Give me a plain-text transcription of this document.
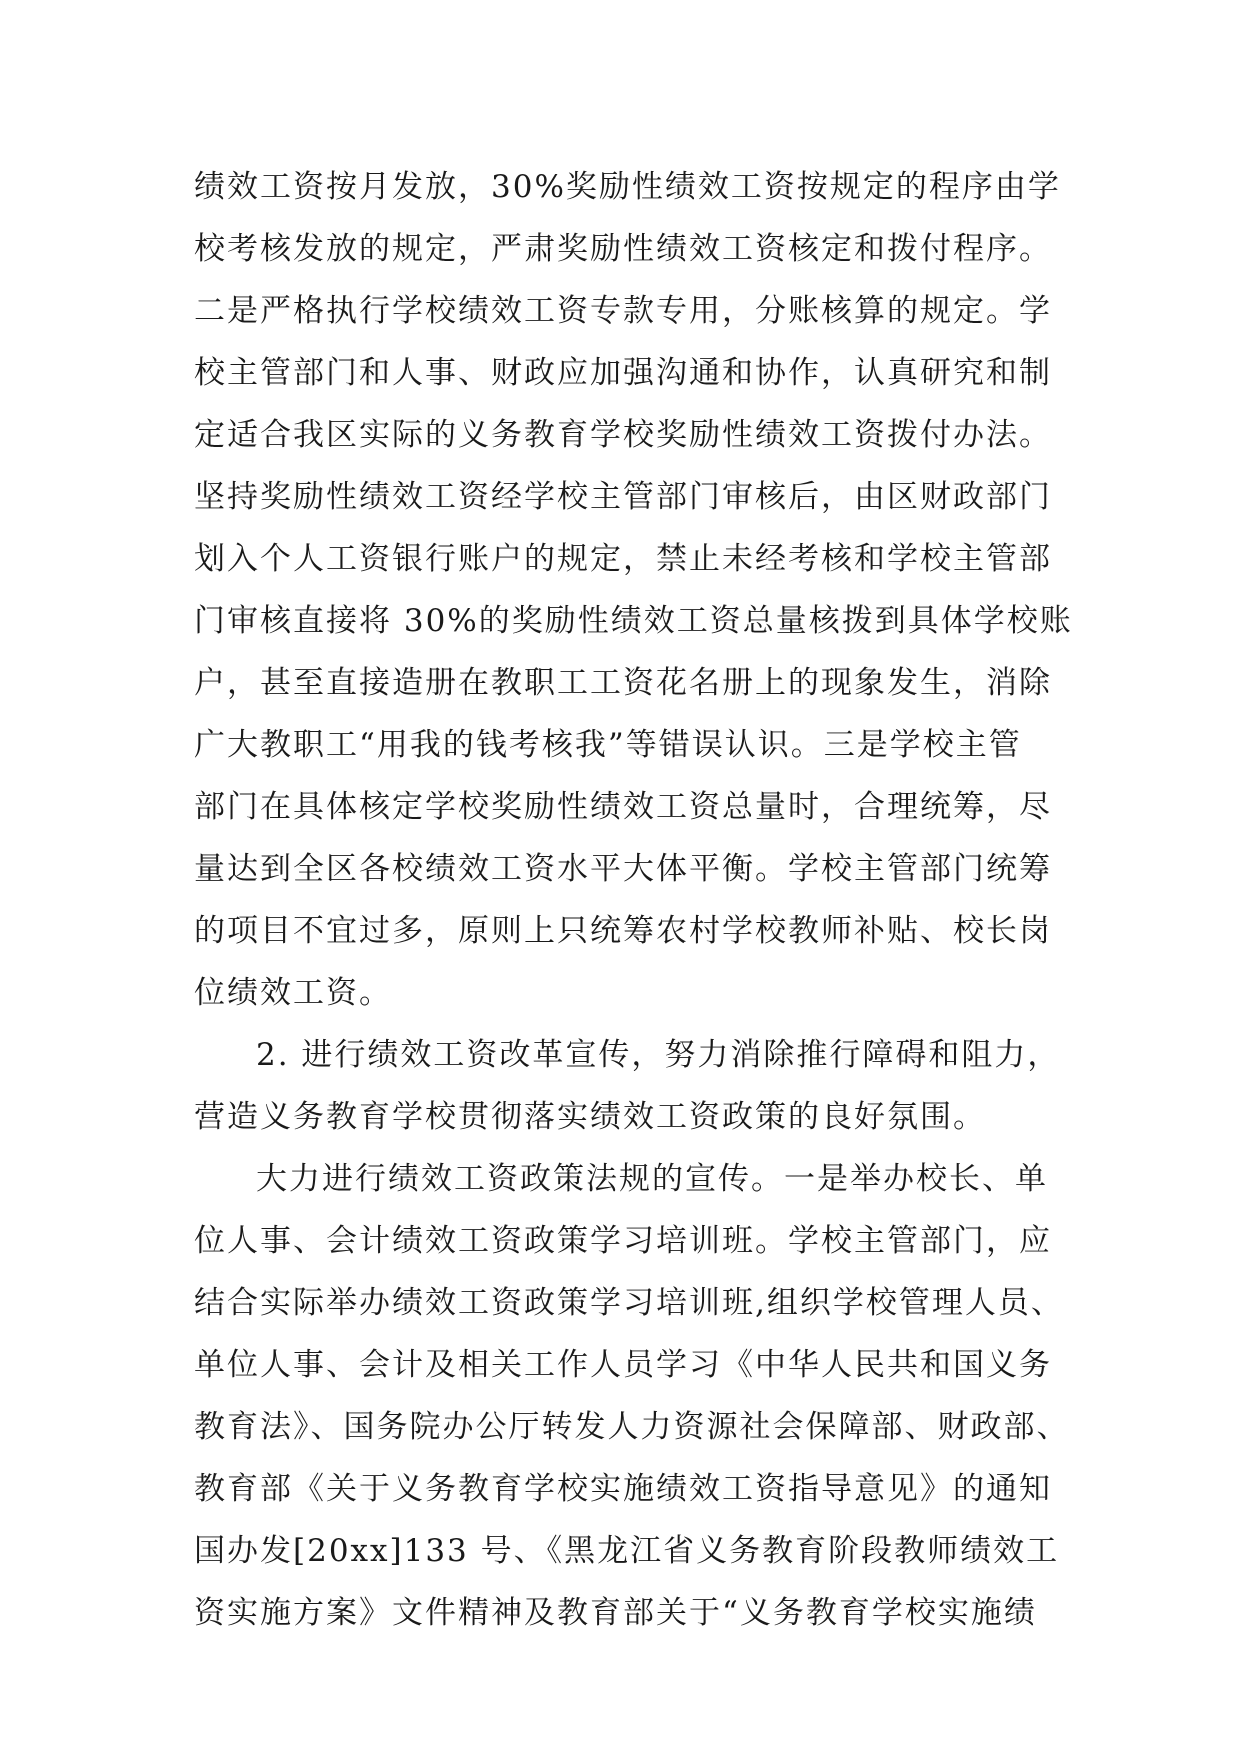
绩效工资按月发放，30%奖励性绩效工资按规定的程序由学
校考核发放的规定，严肃奖励性绩效工资核定和拨付程序。
二是严格执行学校绩效工资专款专用，分账核算的规定。学
校主管部门和人事、财政应加强沟通和协作，认真研究和制
定适合我区实际的义务教育学校奖励性绩效工资拨付办法。
坚持奖励性绩效工资经学校主管部门审核后，由区财政部门
划入个人工资银行账户的规定，禁止未经考核和学校主管部
门审核直接将 30%的奖励性绩效工资总量核拨到具体学校账
户，甚至直接造册在教职工工资花名册上的现象发生，消除
广大教职工“用我的钱考核我”等错误认识。三是学校主管
部门在具体核定学校奖励性绩效工资总量时，合理统筹，尽
量达到全区各校绩效工资水平大体平衡。学校主管部门统筹
的项目不宜过多，原则上只统筹农村学校教师补贴、校长岗
位绩效工资。
2. 进行绩效工资改革宣传，努力消除推行障碍和阻力，
营造义务教育学校贯彻落实绩效工资政策的良好氛围。
大力进行绩效工资政策法规的宣传。一是举办校长、单
位人事、会计绩效工资政策学习培训班。学校主管部门，应
结合实际举办绩效工资政策学习培训班,组织学校管理人员、
单位人事、会计及相关工作人员学习《中华人民共和国义务
教育法》、国务院办公厅转发人力资源社会保障部、财政部、
教育部《关于义务教育学校实施绩效工资指导意见》的通知
国办发[20xx]133 号、《黑龙江省义务教育阶段教师绩效工
资实施方案》文件精神及教育部关于“义务教育学校实施绩
